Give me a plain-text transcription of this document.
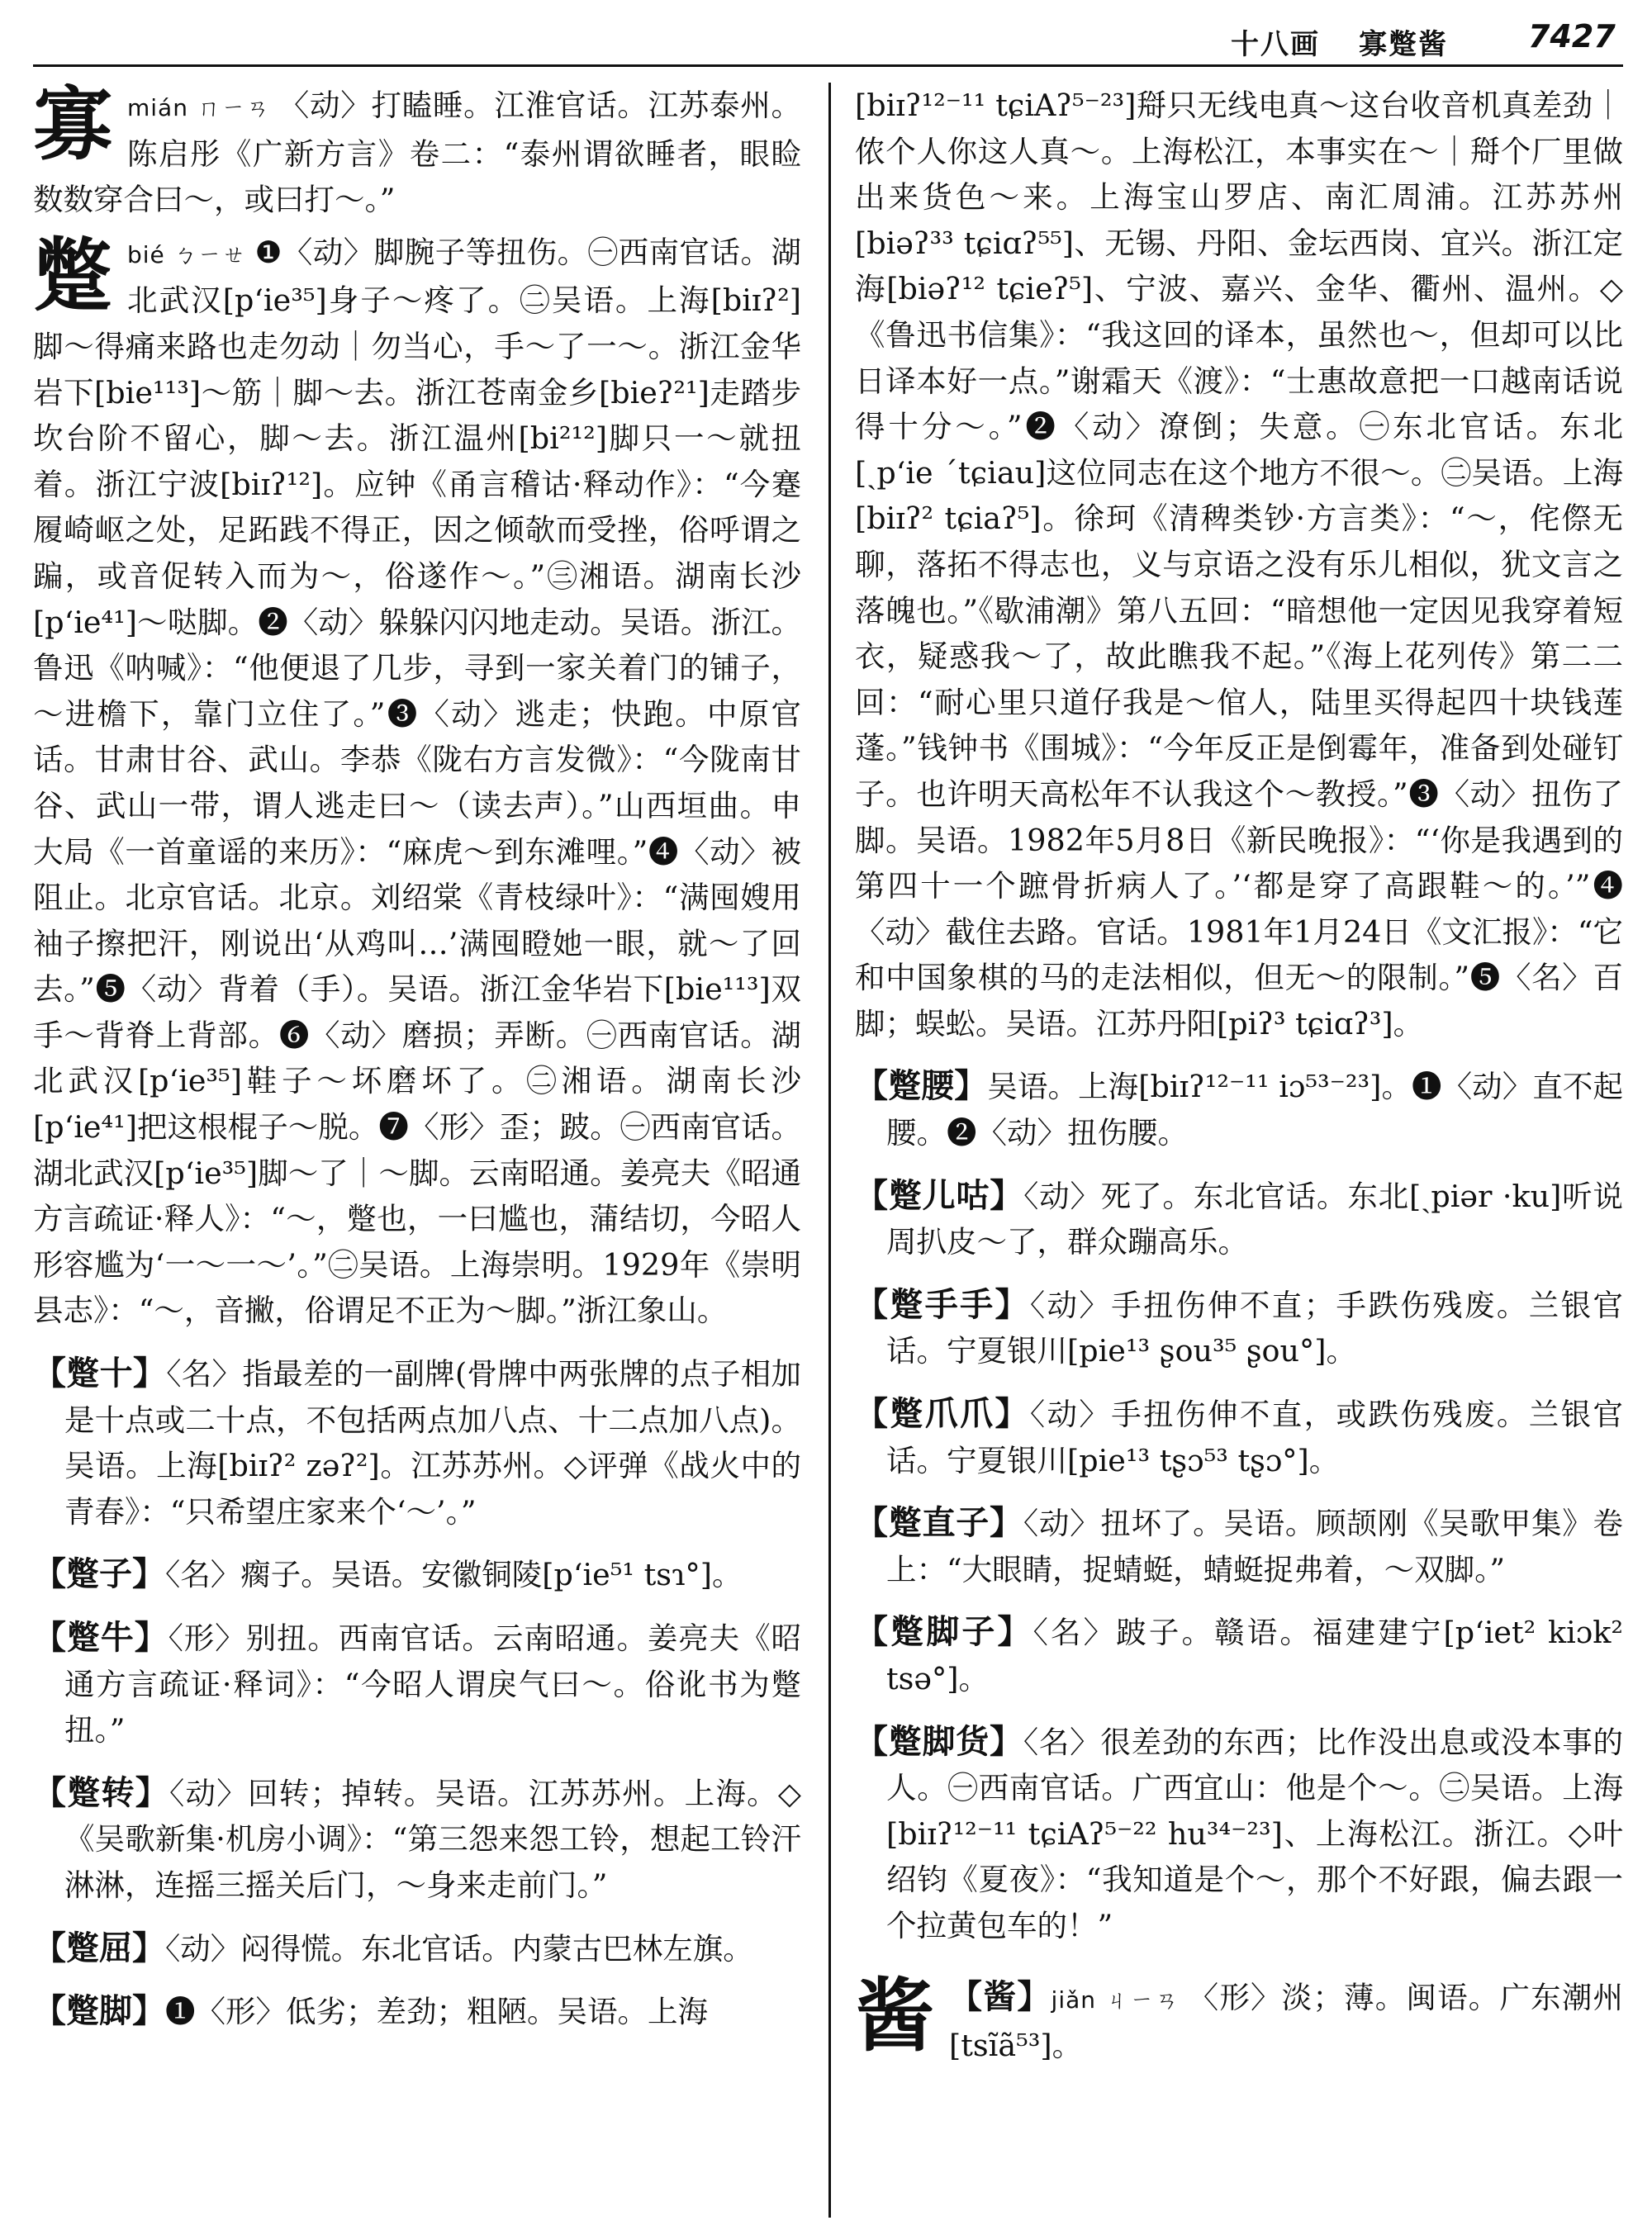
十八画 寡蹩酱	7427

寡 mián ㄇㄧㄢ 〈动〉打瞌睡。江淮官话。江苏泰州。陈启彤《广新方言》卷二：“泰州谓欲睡者，眼睑数数穿合曰～，或曰打～。”

蹩 bié ㄅㄧㄝ ❶〈动〉脚腕子等扭伤。㊀西南官话。湖北武汉[p‘ie³⁵]身子～疼了。㊁吴语。上海[biɪʔ²]脚～得痛来路也走勿动｜勿当心，手～了一～。浙江金华岩下[bie¹¹³]～筋｜脚～去。浙江苍南金乡[bieʔ²¹]走踏步坎台阶不留心，脚～去。浙江温州[bi²¹²]脚只一～就扭着。浙江宁波[biɪʔ¹²]。应钟《甬言稽诂·释动作》：“今蹇履崎岖之处，足跖践不得正，因之倾欹而受挫，俗呼谓之蹁，或音促转入而为～，俗遂作～。”㊂湘语。湖南长沙[p‘ie⁴¹]～哒脚。❷〈动〉躲躲闪闪地走动。吴语。浙江。鲁迅《呐喊》：“他便退了几步，寻到一家关着门的铺子，～进檐下，靠门立住了。”❸〈动〉逃走；快跑。中原官话。甘肃甘谷、武山。李恭《陇右方言发微》：“今陇南甘谷、武山一带，谓人逃走曰～（读去声）。”山西垣曲。申大局《一首童谣的来历》：“麻虎～到东滩哩。”❹〈动〉被阻止。北京官话。北京。刘绍棠《青枝绿叶》：“满囤嫂用袖子擦把汗，刚说出‘从鸡叫…’满囤瞪她一眼，就～了回去。”❺〈动〉背着（手）。吴语。浙江金华岩下[bie¹¹³]双手～背脊上背部。❻〈动〉磨损；弄断。㊀西南官话。湖北武汉[p‘ie³⁵]鞋子～坏磨坏了。㊁湘语。湖南长沙[p‘ie⁴¹]把这根棍子～脱。❼〈形〉歪；跛。㊀西南官话。湖北武汉[p‘ie³⁵]脚～了｜～脚。云南昭通。姜亮夫《昭通方言疏证·释人》：“～，蹩也，一曰尴也，蒲结切，今昭人形容尴为‘一～一～’。”㊁吴语。上海崇明。1929年《崇明县志》：“～，音撇，俗谓足不正为～脚。”浙江象山。

【蹩十】〈名〉指最差的一副牌(骨牌中两张牌的点子相加是十点或二十点，不包括两点加八点、十二点加八点)。吴语。上海[biɪʔ² zəʔ²]。江苏苏州。◇评弹《战火中的青春》：“只希望庄家来个‘～’。”

【蹩子】〈名〉瘸子。吴语。安徽铜陵[p‘ie⁵¹ tsɿ°]。

【蹩牛】〈形〉别扭。西南官话。云南昭通。姜亮夫《昭通方言疏证·释词》：“今昭人谓戾气曰～。俗讹书为蹩扭。”

【蹩转】〈动〉回转；掉转。吴语。江苏苏州。上海。◇《吴歌新集·机房小调》：“第三怨来怨工铃，想起工铃汗淋淋，连摇三摇关后门，～身来走前门。”

【蹩屈】〈动〉闷得慌。东北官话。内蒙古巴林左旗。

【蹩脚】❶〈形〉低劣；差劲；粗陋。吴语。上海

[biɪʔ¹²⁻¹¹ tɕiAʔ⁵⁻²³]搿只无线电真～这台收音机真差劲｜侬个人你这人真～。上海松江，本事实在～｜搿个厂里做出来货色～来。上海宝山罗店、南汇周浦。江苏苏州[biəʔ³³ tɕiɑʔ⁵⁵]、无锡、丹阳、金坛西岗、宜兴。浙江定海[biəʔ¹² tɕieʔ⁵]、宁波、嘉兴、金华、衢州、温州。◇《鲁迅书信集》：“我这回的译本，虽然也～，但却可以比日译本好一点。”谢霜天《渡》：“士惠故意把一口越南话说得十分～。”❷〈动〉潦倒；失意。㊀东北官话。东北[ˏp‘ie ˊtɕiau]这位同志在这个地方不很～。㊁吴语。上海[biɪʔ² tɕiaʔ⁵]。徐珂《清稗类钞·方言类》：“～，侘傺无聊，落拓不得志也，义与京语之没有乐儿相似，犹文言之落魄也。”《歇浦潮》第八五回：“暗想他一定因见我穿着短衣，疑惑我～了，故此瞧我不起。”《海上花列传》第二二回：“耐心里只道仔我是～倌人，陆里买得起四十块钱莲蓬。”钱钟书《围城》：“今年反正是倒霉年，准备到处碰钉子。也许明天高松年不认我这个～教授。”❸〈动〉扭伤了脚。吴语。1982年5月8日《新民晚报》：“‘你是我遇到的第四十一个蹠骨折病人了。’‘都是穿了高跟鞋～的。’”❹〈动〉截住去路。官话。1981年1月24日《文汇报》：“它和中国象棋的马的走法相似，但无～的限制。”❺〈名〉百脚；蜈蚣。吴语。江苏丹阳[piʔ³ tɕiɑʔ³]。

【蹩腰】吴语。上海[biɪʔ¹²⁻¹¹ iɔ⁵³⁻²³]。❶〈动〉直不起腰。❷〈动〉扭伤腰。

【蹩儿咕】〈动〉死了。东北官话。东北[ˏpiər ·ku]听说周扒皮～了，群众蹦高乐。

【蹩手手】〈动〉手扭伤伸不直；手跌伤残废。兰银官话。宁夏银川[pie¹³ ʂou³⁵ ʂou°]。

【蹩爪爪】〈动〉手扭伤伸不直，或跌伤残废。兰银官话。宁夏银川[pie¹³ tʂɔ⁵³ tʂɔ°]。

【蹩直子】〈动〉扭坏了。吴语。顾颉刚《吴歌甲集》卷上：“大眼睛，捉蜻蜓，蜻蜓捉弗着，～双脚。”

【蹩脚子】〈名〉跛子。赣语。福建建宁[p‘iet² kiɔk² tsə°]。

【蹩脚货】〈名〉很差劲的东西；比作没出息或没本事的人。㊀西南官话。广西宜山：他是个～。㊁吴语。上海[biɪʔ¹²⁻¹¹ tɕiAʔ⁵⁻²² hu³⁴⁻²³]、上海松江。浙江。◇叶绍钧《夏夜》：“我知道是个～，那个不好跟，偏去跟一个拉黄包车的！”

酱 【酱】jiǎn ㄐㄧㄢ 〈形〉淡；薄。闽语。广东潮州[tsĩã⁵³]。
